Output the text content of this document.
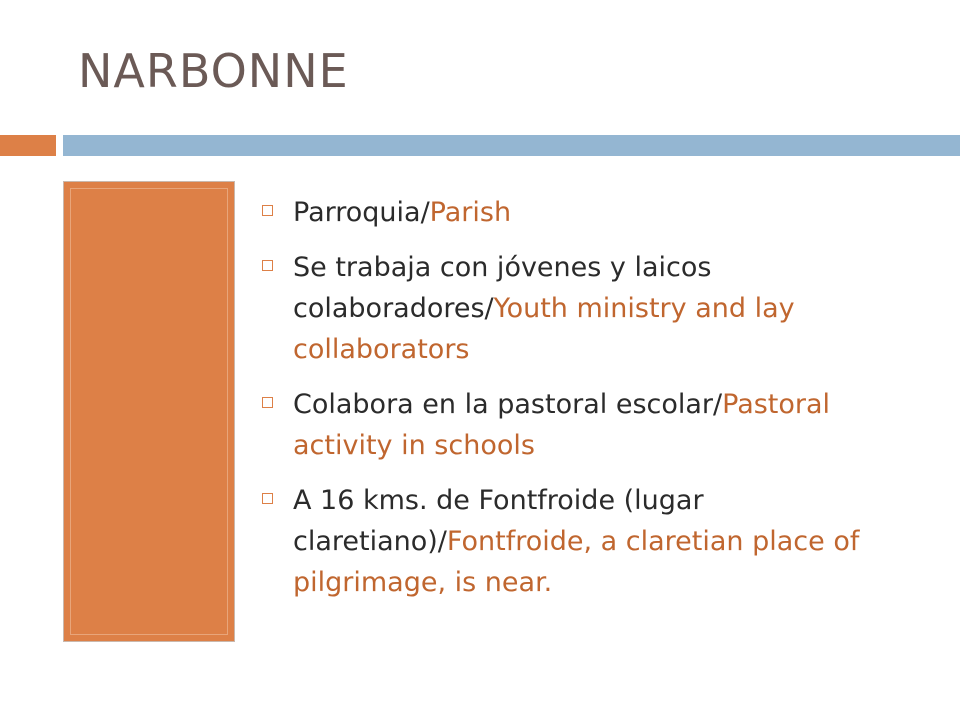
NARBONNE
Parroquia/Parish
Se trabaja con jóvenes y laicos colaboradores/Youth ministry and lay collaborators
Colabora en la pastoral escolar/Pastoral activity in schools
A 16 kms. de Fontfroide (lugar claretiano)/Fontfroide, a claretian place of pilgrimage, is near.
